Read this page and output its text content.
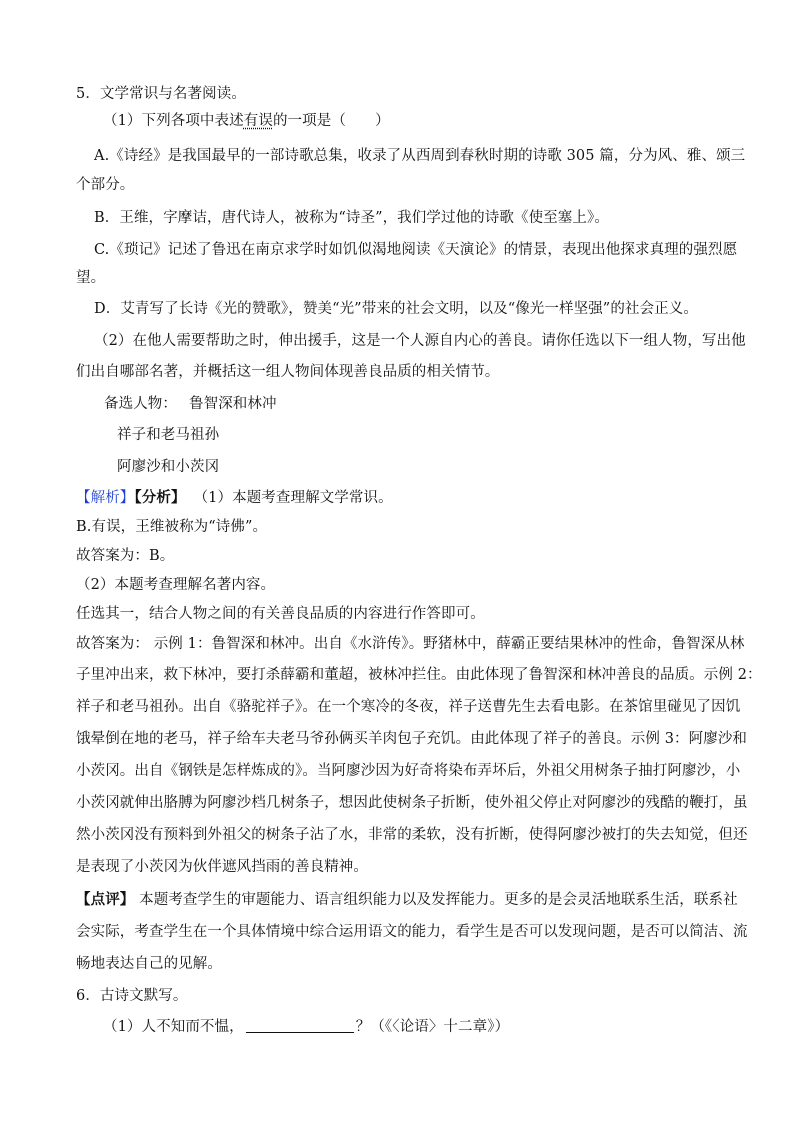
5．文学常识与名著阅读。
（1）下列各项中表述有误的一项是（　　）
A.《诗经》是我国最早的一部诗歌总集，收录了从西周到春秋时期的诗歌 305 篇，分为风、雅、颂三
个部分。
B．王维，字摩诘，唐代诗人，被称为“诗圣”，我们学过他的诗歌《使至塞上》。
C.《琐记》记述了鲁迅在南京求学时如饥似渴地阅读《天演论》的情景，表现出他探求真理的强烈愿
望。
D．艾青写了长诗《光的赞歌》，赞美“光”带来的社会文明，以及“像光一样坚强”的社会正义。
（2）在他人需要帮助之时，伸出援手，这是一个人源自内心的善良。请你任选以下一组人物，写出他
们出自哪部名著，并概括这一组人物间体现善良品质的相关情节。
备选人物： 鲁智深和林冲
祥子和老马祖孙
阿廖沙和小茨冈
【解析】【分析】 （1）本题考查理解文学常识。
B.有误，王维被称为“诗佛”。
故答案为：B。
（2）本题考查理解名著内容。
任选其一，结合人物之间的有关善良品质的内容进行作答即可。
故答案为： 示例 1：鲁智深和林冲。出自《水浒传》。野猪林中，薛霸正要结果林冲的性命，鲁智深从林
子里冲出来，救下林冲，要打杀薛霸和董超，被林冲拦住。由此体现了鲁智深和林冲善良的品质。示例 2：
祥子和老马祖孙。出自《骆驼祥子》。在一个寒冷的冬夜，祥子送曹先生去看电影。在茶馆里碰见了因饥
饿晕倒在地的老马，祥子给车夫老马爷孙俩买羊肉包子充饥。由此体现了祥子的善良。示例 3：阿廖沙和
小茨冈。出自《钢铁是怎样炼成的》。当阿廖沙因为好奇将染布弄坏后，外祖父用树条子抽打阿廖沙，小
小茨冈就伸出胳膊为阿廖沙档几树条子，想因此使树条子折断，使外祖父停止对阿廖沙的残酷的鞭打，虽
然小茨冈没有预料到外祖父的树条子沾了水，非常的柔软，没有折断，使得阿廖沙被打的失去知觉，但还
是表现了小茨冈为伙伴遮风挡雨的善良精神。
【点评】 本题考查学生的审题能力、语言组织能力以及发挥能力。更多的是会灵活地联系生活，联系社
会实际，考查学生在一个具体情境中综合运用语文的能力，看学生是否可以发现问题，是否可以简洁、流
畅地表达自己的见解。
6．古诗文默写。
（1）人不知而不愠，	？（《〈论语〉十二章》）
